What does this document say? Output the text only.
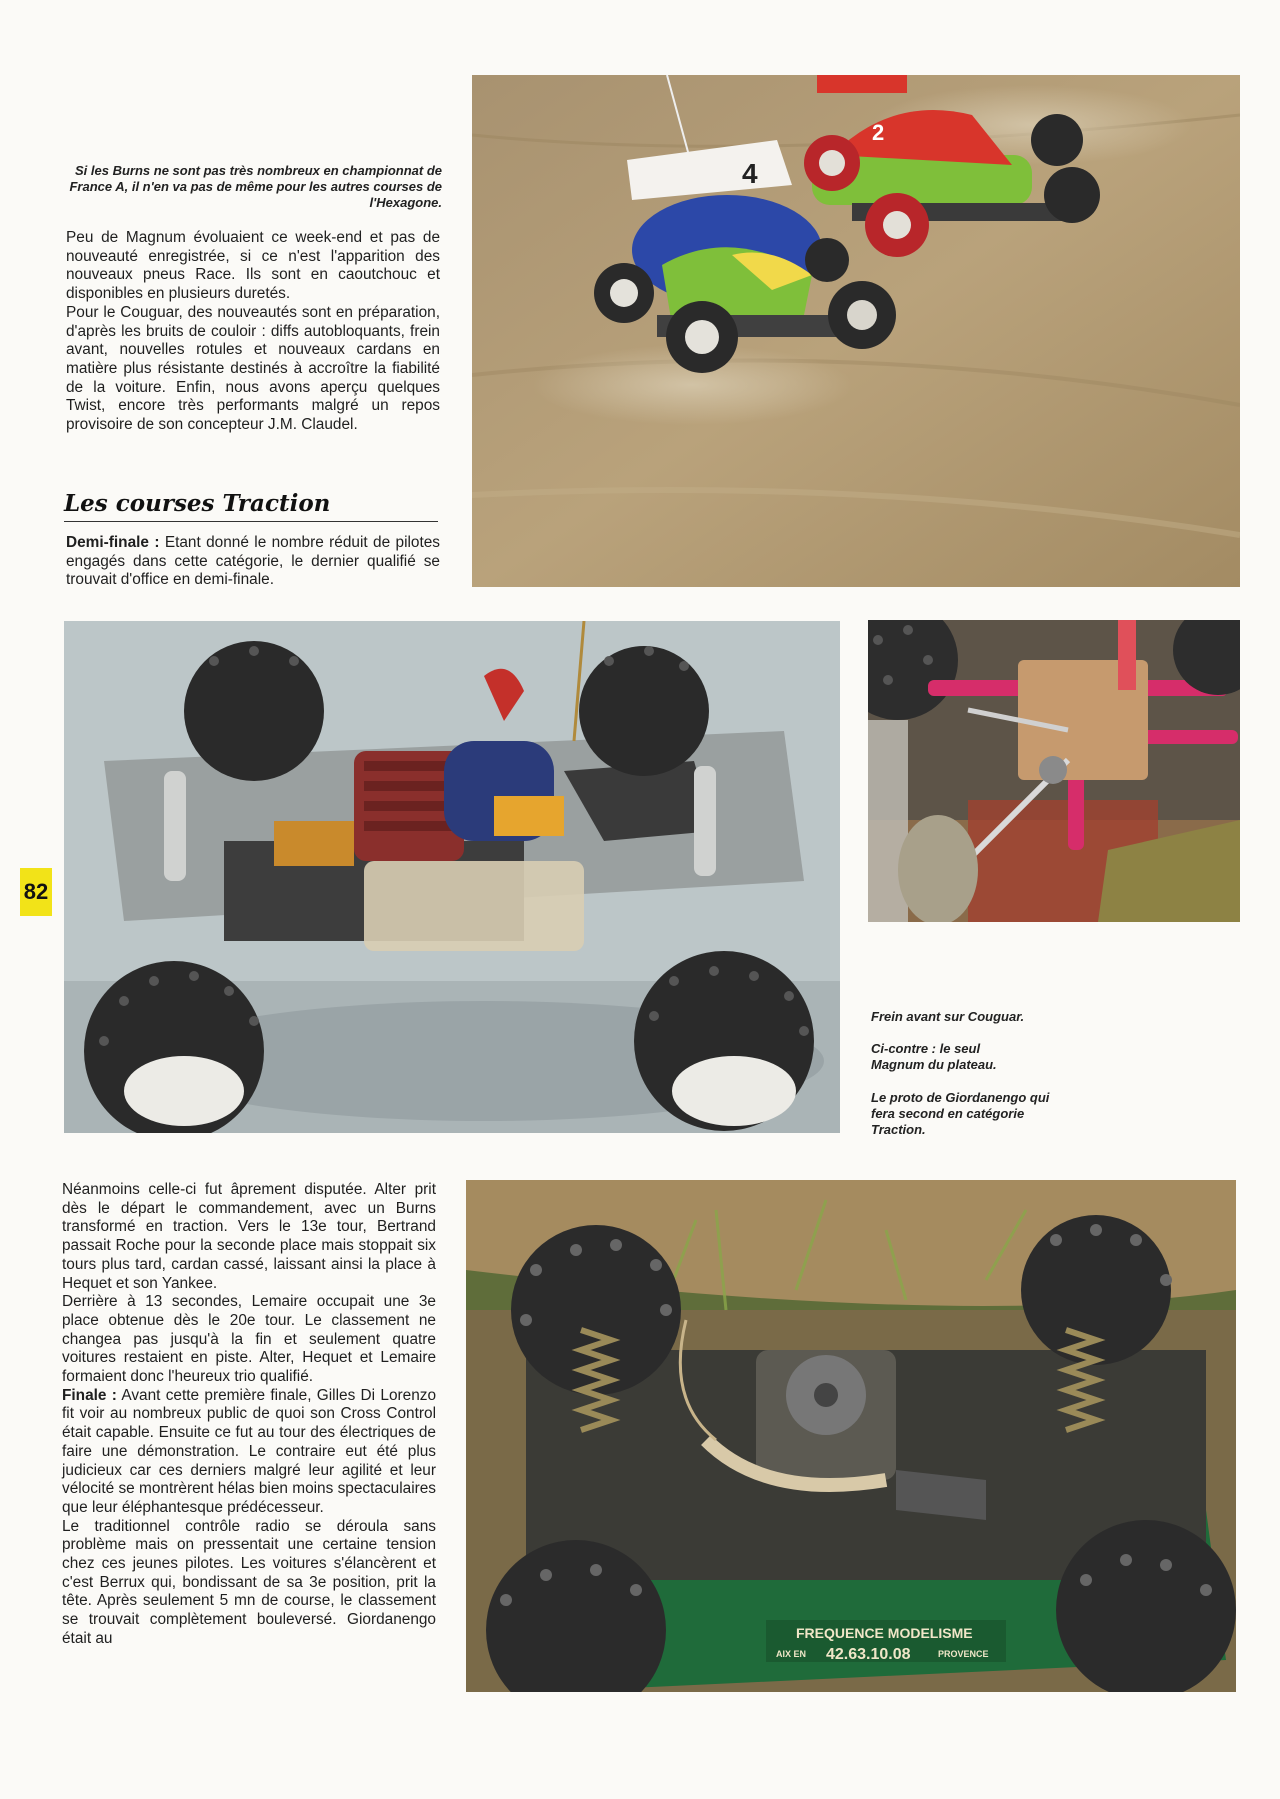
2
4
Si les Burns ne sont pas très nombreux en championnat de France A, il n'en va pas de même pour les autres courses de l'Hexagone.

Peu de Magnum évoluaient ce week-end et pas de nouveauté enregistrée, si ce n'est l'apparition des nouveaux pneus Race. Ils sont en caoutchouc et disponibles en plusieurs duretés.

Pour le Couguar, des nouveautés sont en préparation, d'après les bruits de couloir : diffs autobloquants, frein avant, nouvelles rotules et nouveaux cardans en matière plus résistante destinés à accroître la fiabilité de la voiture. Enfin, nous avons aperçu quelques Twist, encore très performants malgré un repos provisoire de son concepteur J.M. Claudel.

Les courses Traction

Demi-finale : Etant donné le nombre réduit de pilotes engagés dans cette catégorie, le dernier qualifié se trouvait d'office en demi-finale.

82
Frein avant sur Couguar.
Ci-contre : le seul Magnum du plateau.
Le proto de Giordanengo qui fera second en catégorie Traction.

Néanmoins celle-ci fut âprement disputée. Alter prit dès le départ le commandement, avec un Burns transformé en traction. Vers le 13e tour, Bertrand passait Roche pour la seconde place mais stoppait six tours plus tard, cardan cassé, laissant ainsi la place à Hequet et son Yankee.

Derrière à 13 secondes, Lemaire occupait une 3e place obtenue dès le 20e tour. Le classement ne changea pas jusqu'à la fin et seulement quatre voitures restaient en piste. Alter, Hequet et Lemaire formaient donc l'heureux trio qualifié.

Finale : Avant cette première finale, Gilles Di Lorenzo fit voir au nombreux public de quoi son Cross Control était capable. Ensuite ce fut au tour des électriques de faire une démonstration. Le contraire eut été plus judicieux car ces derniers malgré leur agilité et leur vélocité se montrèrent hélas bien moins spectaculaires que leur éléphantesque prédécesseur.

Le traditionnel contrôle radio se déroula sans problème mais on pressentait une certaine tension chez ces jeunes pilotes. Les voitures s'élancèrent et c'est Berrux qui, bondissant de sa 3e position, prit la tête. Après seulement 5 mn de course, le classement se trouvait complètement bouleversé. Giordanengo était au	FREQUENCE MODELISME
AIX EN 42.63.10.08	PROVENCE
